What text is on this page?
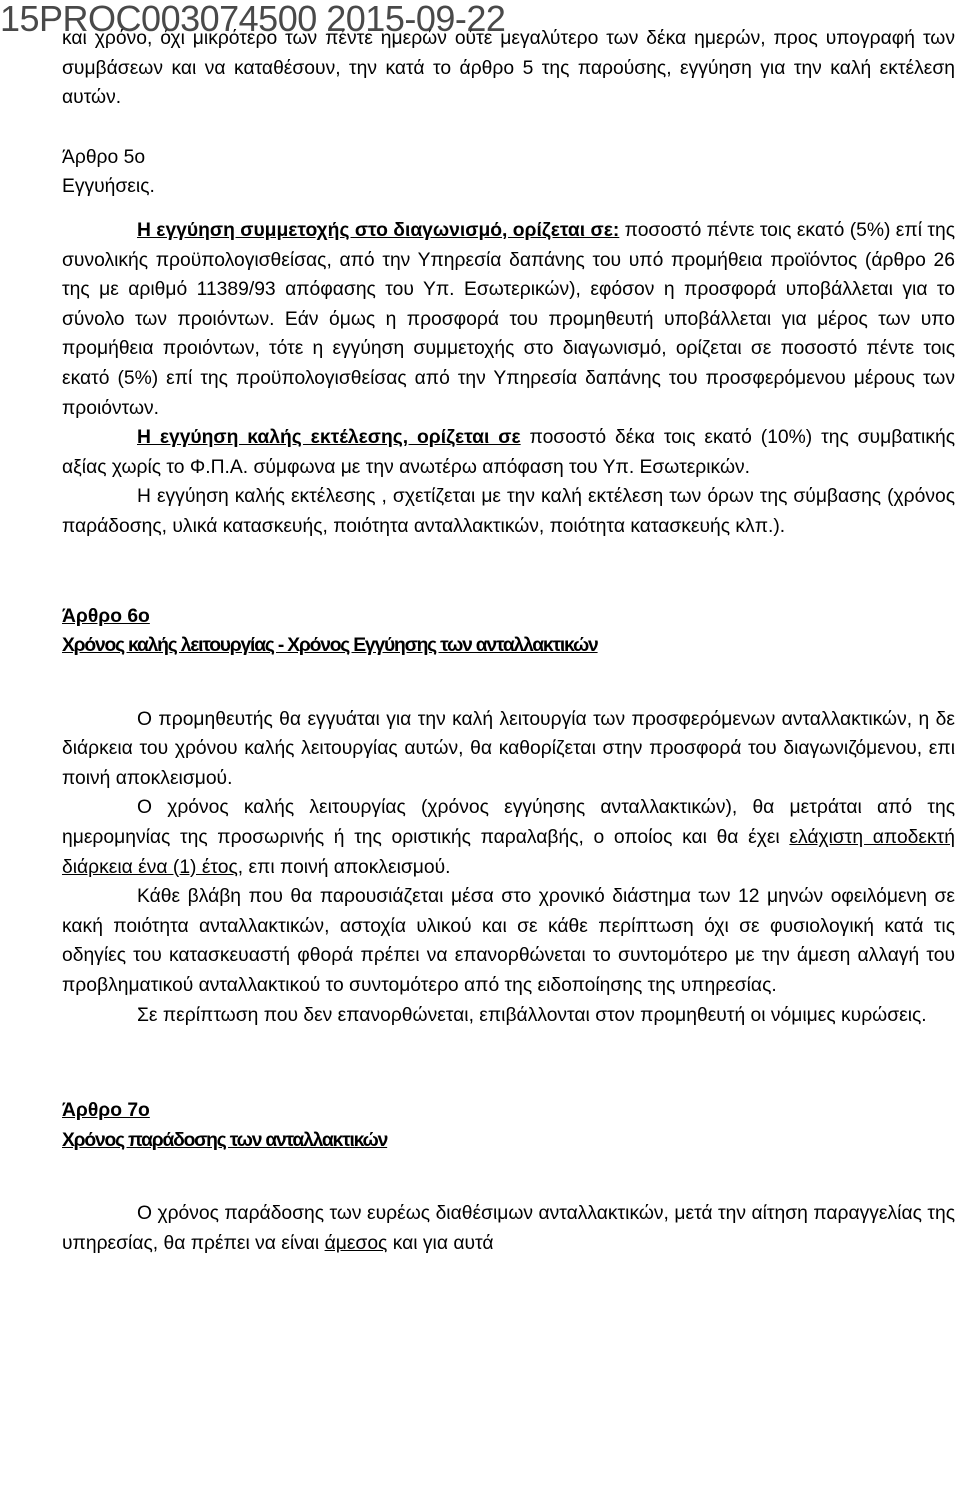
15PROC003074500 2015-09-22

και χρόνο, όχι μικρότερο των πέντε ημερών ούτε μεγαλύτερο των δέκα ημερών, προς υπογραφή των συμβάσεων και να καταθέσουν, την κατά το άρθρο 5 της παρούσης, εγγύηση για την καλή εκτέλεση αυτών.

Άρθρο 5ο
Εγγυήσεις.

Η εγγύηση συμμετοχής στο διαγωνισμό, ορίζεται σε: ποσοστό πέντε τοις εκατό (5%) επί της συνολικής προϋπολογισθείσας, από την Υπηρεσία δαπάνης του υπό προμήθεια προϊόντος (άρθρο 26 της με αριθμό 11389/93 απόφασης του Υπ. Εσωτερικών), εφόσον η προσφορά υποβάλλεται για το σύνολο των προιόντων. Εάν όμως η προσφορά του προμηθευτή υποβάλλεται για μέρος των υπο προμήθεια προιόντων, τότε η εγγύηση συμμετοχής στο διαγωνισμό, ορίζεται σε ποσοστό πέντε τοις εκατό (5%) επί της προϋπολογισθείσας από την Υπηρεσία δαπάνης του προσφερόμενου μέρους των προιόντων.

Η εγγύηση καλής εκτέλεσης, ορίζεται σε ποσοστό δέκα τοις εκατό (10%) της συμβατικής αξίας χωρίς το Φ.Π.Α. σύμφωνα με την ανωτέρω απόφαση του Υπ. Εσωτερικών.

Η εγγύηση καλής εκτέλεσης , σχετίζεται με την καλή εκτέλεση των όρων της σύμβασης (χρόνος παράδοσης, υλικά κατασκευής, ποιότητα ανταλλακτικών, ποιότητα κατασκευής κλπ.).

Άρθρο 6ο
Χρόνος καλής λειτουργίας - Χρόνος Εγγύησης των ανταλλακτικών

Ο προμηθευτής θα εγγυάται για την καλή λειτουργία των προσφερόμενων ανταλλακτικών, η δε διάρκεια του χρόνου καλής λειτουργίας αυτών, θα καθορίζεται στην προσφορά του διαγωνιζόμενου, επι ποινή αποκλεισμού.

Ο χρόνος καλής λειτουργίας (χρόνος εγγύησης ανταλλακτικών), θα μετράται από της ημερομηνίας της προσωρινής ή της οριστικής παραλαβής, ο οποίος και θα έχει ελάχιστη αποδεκτή διάρκεια ένα (1) έτος, επι ποινή αποκλεισμού.

Κάθε βλάβη που θα παρουσιάζεται μέσα στο χρονικό διάστημα των 12 μηνών οφειλόμενη σε κακή ποιότητα ανταλλακτικών, αστοχία υλικού και σε κάθε περίπτωση όχι σε φυσιολογική κατά τις οδηγίες του κατασκευαστή φθορά πρέπει να επανορθώνεται το συντομότερο με την άμεση αλλαγή του προβληματικού ανταλλακτικού το συντομότερο από της ειδοποίησης της υπηρεσίας.

Σε περίπτωση που δεν επανορθώνεται, επιβάλλονται στον προμηθευτή οι νόμιμες κυρώσεις.

Άρθρο 7ο
Χρόνος παράδοσης των ανταλλακτικών

Ο χρόνος παράδοσης των ευρέως διαθέσιμων ανταλλακτικών, μετά την αίτηση παραγγελίας της υπηρεσίας, θα πρέπει να είναι άμεσος και για αυτά
